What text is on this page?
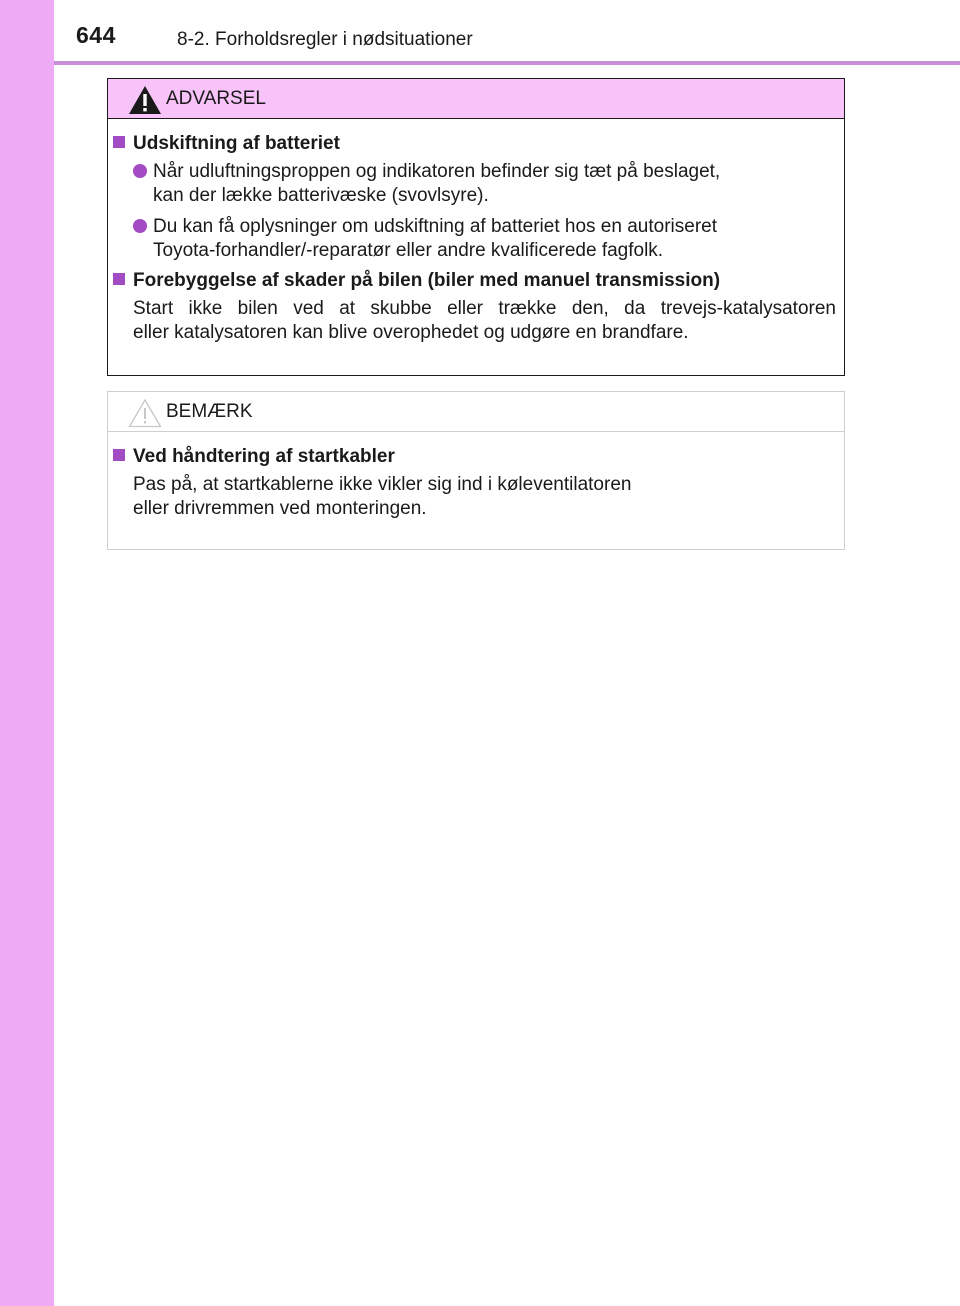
644	8-2. Forholdsregler i nødsituationer
ADVARSEL
Udskiftning af batteriet
Når udluftningsproppen og indikatoren befinder sig tæt på beslaget,
kan der lække batterivæske (svovlsyre).
Du kan få oplysninger om udskiftning af batteriet hos en autoriseret
Toyota-forhandler/-reparatør eller andre kvalificerede fagfolk.
Forebyggelse af skader på bilen (biler med manuel transmission)
Start ikke bilen ved at skubbe eller trække den, da trevejs-katalysatoren
eller katalysatoren kan blive overophedet og udgøre en brandfare.
BEMÆRK
Ved håndtering af startkabler
Pas på, at startkablerne ikke vikler sig ind i køleventilatoren
eller drivremmen ved monteringen.
